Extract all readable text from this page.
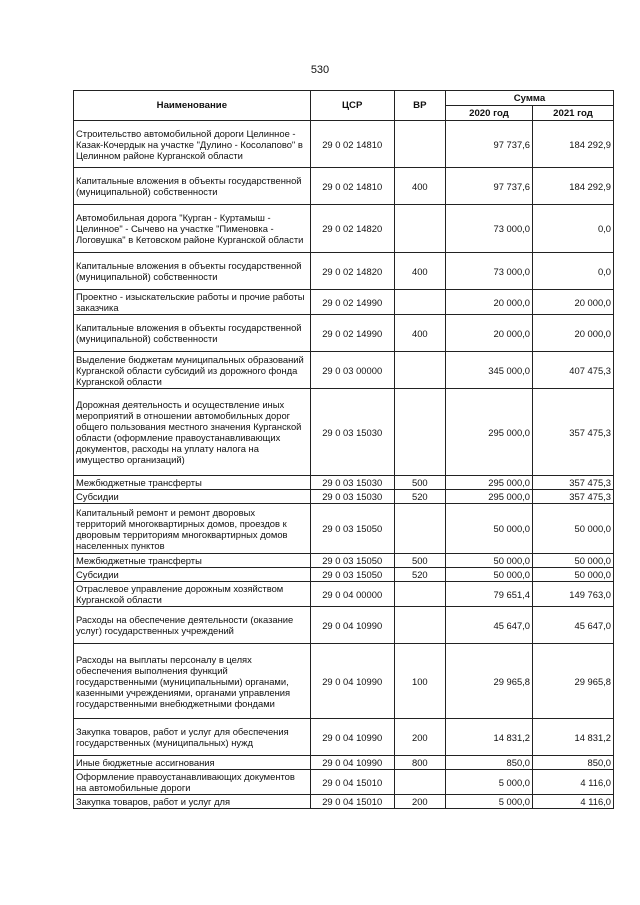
530
Наименование	ЦСР	ВР	Сумма	
			2020 год	2021 год
Строительство автомобильной дороги Целинное - Казак-Кочердык на участке "Дулино - Косолапово" в Целинном районе Курганской области	29 0 02 14810		97 737,6	184 292,9
Капитальные вложения в объекты государственной (муниципальной) собственности	29 0 02 14810	400	97 737,6	184 292,9
Автомобильная дорога "Курган - Куртамыш - Целинное" - Сычево на участке "Пименовка - Логовушка" в Кетовском районе Курганской области	29 0 02 14820		73 000,0	0,0
Капитальные вложения в объекты государственной (муниципальной) собственности	29 0 02 14820	400	73 000,0	0,0
Проектно - изыскательские работы и прочие работы заказчика	29 0 02 14990		20 000,0	20 000,0
Капитальные вложения в объекты государственной (муниципальной) собственности	29 0 02 14990	400	20 000,0	20 000,0
Выделение бюджетам муниципальных образований Курганской области субсидий из дорожного фонда Курганской области	29 0 03 00000		345 000,0	407 475,3
Дорожная деятельность и осуществление иных мероприятий в отношении автомобильных дорог общего пользования местного значения Курганской области (оформление правоустанавливающих документов, расходы на уплату налога на имущество организаций)	29 0 03 15030		295 000,0	357 475,3
Межбюджетные трансферты	29 0 03 15030	500	295 000,0	357 475,3
Субсидии	29 0 03 15030	520	295 000,0	357 475,3
Капитальный ремонт и ремонт дворовых территорий многоквартирных домов, проездов к дворовым территориям многоквартирных домов населенных пунктов	29 0 03 15050		50 000,0	50 000,0
Межбюджетные трансферты	29 0 03 15050	500	50 000,0	50 000,0
Субсидии	29 0 03 15050	520	50 000,0	50 000,0
Отраслевое управление дорожным хозяйством Курганской области	29 0 04 00000		79 651,4	149 763,0
Расходы на обеспечение деятельности (оказание услуг) государственных учреждений	29 0 04 10990		45 647,0	45 647,0
Расходы на выплаты персоналу в целях обеспечения выполнения функций государственными (муниципальными) органами, казенными учреждениями, органами управления государственными внебюджетными фондами	29 0 04 10990	100	29 965,8	29 965,8
Закупка товаров, работ и услуг для обеспечения государственных (муниципальных) нужд	29 0 04 10990	200	14 831,2	14 831,2
Иные бюджетные ассигнования	29 0 04 10990	800	850,0	850,0
Оформление правоустанавливающих документов на автомобильные дороги	29 0 04 15010		5 000,0	4 116,0
Закупка товаров, работ и услуг для	29 0 04 15010	200	5 000,0	4 116,0
